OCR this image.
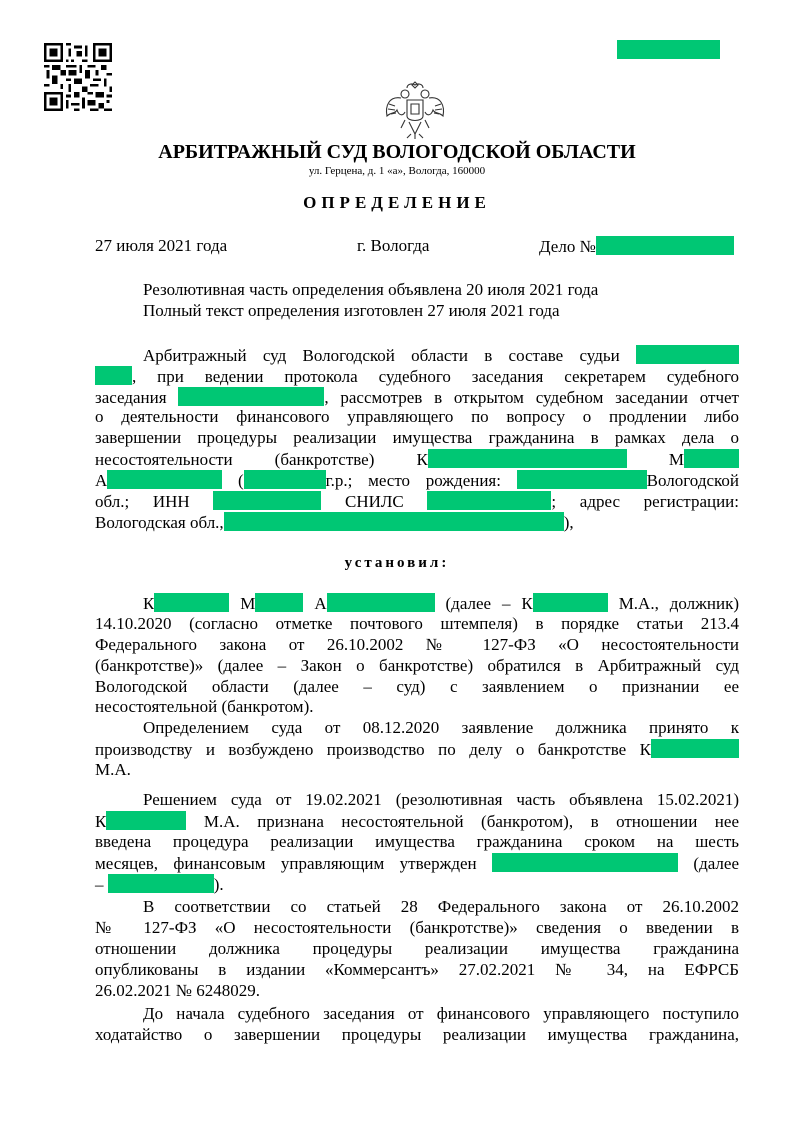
АРБИТРАЖНЫЙ СУД ВОЛОГОДСКОЙ ОБЛАСТИ
ул. Герцена, д. 1 «а», Вологда, 160000
ОПРЕДЕЛЕНИЕ
27 июля 2021 года	г. Вологда	Дело №
Резолютивная часть определения объявлена 20 июля 2021 года
Полный текст определения изготовлен 27 июля 2021 года
Арбитражный суд Вологодской области в составе судьи
, при ведении протокола судебного заседания секретарем судебного
заседания	, рассмотрев в открытом судебном заседании отчет
о деятельности финансового управляющего по вопросу о продлении либо
завершении процедуры реализации имущества гражданина в рамках дела о
несостоятельности (банкротстве) К	М
А	(	г.р.; место рождения:	Вологодской
обл.; ИНН	СНИЛС	; адрес регистрации:
Вологодская обл.,	),
установил:
К	М	А	(далее – К	М.А., должник)
14.10.2020 (согласно отметке почтового штемпеля) в порядке статьи 213.4
Федерального закона от 26.10.2002 № 127-ФЗ «О несостоятельности
(банкротстве)» (далее – Закон о банкротстве) обратился в Арбитражный суд
Вологодской области (далее – суд) с заявлением о признании ее
несостоятельной (банкротом).
Определением суда от 08.12.2020 заявление должника принято к
производству и возбуждено производство по делу о банкротстве К
М.А.
Решением суда от 19.02.2021 (резолютивная часть объявлена 15.02.2021)
К	М.А. признана несостоятельной (банкротом), в отношении нее
введена процедура реализации имущества гражданина сроком на шесть
месяцев, финансовым управляющим утвержден	(далее
–	).
В соответствии со статьей 28 Федерального закона от 26.10.2002
№ 127-ФЗ «О несостоятельности (банкротстве)» сведения о введении в
отношении должника процедуры реализации имущества гражданина
опубликованы в издании «Коммерсантъ» 27.02.2021 № 34, на ЕФРСБ
26.02.2021 № 6248029.
До начала судебного заседания от финансового управляющего поступило
ходатайство о завершении процедуры реализации имущества гражданина,
